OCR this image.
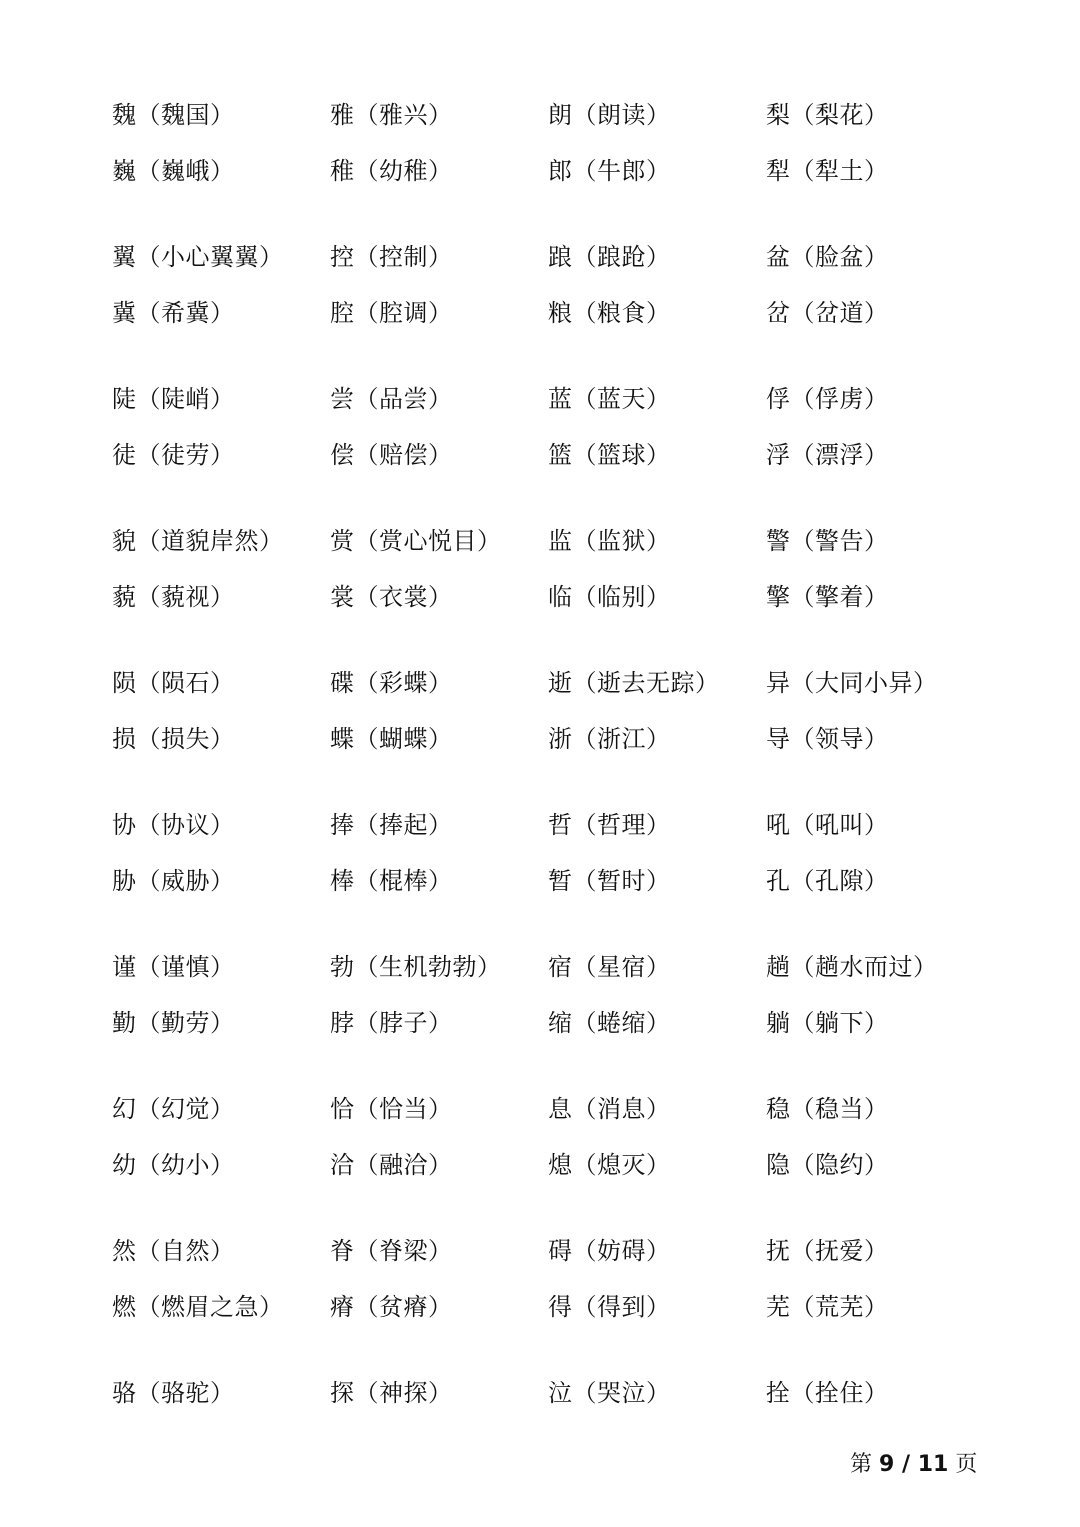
魏（魏国）	雅（雅兴）	朗（朗读）	梨（梨花）
巍（巍峨）	稚（幼稚）	郎（牛郎）	犁（犁土）
翼（小心翼翼）	控（控制）	踉（踉跄）	盆（脸盆）
冀（希冀）	腔（腔调）	粮（粮食）	岔（岔道）
陡（陡峭）	尝（品尝）	蓝（蓝天）	俘（俘虏）
徒（徒劳）	偿（赔偿）	篮（篮球）	浮（漂浮）
貌（道貌岸然）	赏（赏心悦目）	监（监狱）	警（警告）
藐（藐视）	裳（衣裳）	临（临别）	擎（擎着）
陨（陨石）	碟（彩蝶）	逝（逝去无踪）	异（大同小异）
损（损失）	蝶（蝴蝶）	浙（浙江）	导（领导）
协（协议）	捧（捧起）	哲（哲理）	吼（吼叫）
胁（威胁）	棒（棍棒）	暂（暂时）	孔（孔隙）
谨（谨慎）	勃（生机勃勃）	宿（星宿）	趟（趟水而过）
勤（勤劳）	脖（脖子）	缩（蜷缩）	躺（躺下）
幻（幻觉）	恰（恰当）	息（消息）	稳（稳当）
幼（幼小）	洽（融洽）	熄（熄灭）	隐（隐约）
然（自然）	脊（脊梁）	碍（妨碍）	抚（抚爱）
燃（燃眉之急）	瘠（贫瘠）	得（得到）	芜（荒芜）
骆（骆驼）	探（神探）	泣（哭泣）	拴（拴住）
第 9 / 11 页
